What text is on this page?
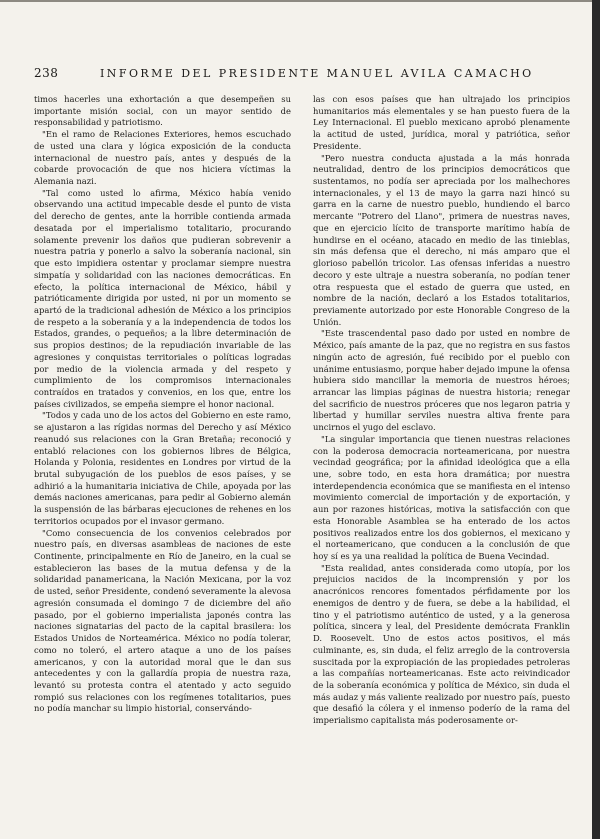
238	INFORME DEL PRESIDENTE MANUEL AVILA CAMACHO

timos hacerles una exhortación a que desempeñen su importante misión social, con un mayor sentido de responsabilidad y patriotismo.

"En el ramo de Relaciones Exteriores, hemos escuchado de usted una clara y lógica exposición de la conducta internacional de nuestro país, antes y después de la cobarde provocación de que nos hiciera víctimas la Alemania nazi.

"Tal como usted lo afirma, México había venido observando una actitud impecable desde el punto de vista del derecho de gentes, ante la horrible contienda armada desatada por el imperialismo totalitario, procurando solamente prevenir los daños que pudieran sobrevenir a nuestra patria y ponerlo a salvo la soberanía nacional, sin que esto impidiera ostentar y proclamar siempre nuestra simpatía y solidaridad con las naciones democráticas. En efecto, la política internacional de México, hábil y patrióticamente dirigida por usted, ni por un momento se apartó de la tradicional adhesión de México a los principios de respeto a la soberanía y a la independencia de todos los Estados, grandes, o pequeños; a la libre determinación de sus propios destinos; de la repudiación invariable de las agresiones y conquistas territoriales o políticas logradas por medio de la violencia armada y del respeto y cumplimiento de los compromisos internacionales contraídos en tratados y convenios, en los que, entre los países civilizados, se empeña siempre el honor nacional.

"Todos y cada uno de los actos del Gobierno en este ramo, se ajustaron a las rígidas normas del Derecho y así México reanudó sus relaciones con la Gran Bretaña; reconoció y entabló relaciones con los gobiernos libres de Bélgica, Holanda y Polonia, residentes en Londres por virtud de la brutal subyugación de los pueblos de esos países, y se adhirió a la humanitaria iniciativa de Chile, apoyada por las demás naciones americanas, para pedir al Gobierno alemán la suspensión de las bárbaras ejecuciones de rehenes en los territorios ocupados por el invasor germano.

"Como consecuencia de los convenios celebrados por nuestro país, en diversas asambleas de naciones de este Continente, principalmente en Río de Janeiro, en la cual se establecieron las bases de la mutua defensa y de la solidaridad panamericana, la Nación Mexicana, por la voz de usted, señor Presidente, condenó severamente la alevosa agresión consumada el domingo 7 de diciembre del año pasado, por el gobierno imperialista japonés contra las naciones signatarias del pacto de la capital brasilera: los Estados Unidos de Norteamérica. México no podía tolerar, como no toleró, el artero ataque a uno de los países americanos, y con la autoridad moral que le dan sus antecedentes y con la gallardía propia de nuestra raza, levantó su protesta contra el atentado y acto seguido rompió sus relaciones con los regímenes totalitarios, pues no podía manchar su limpio historial, conservándo-

las con esos países que han ultrajado los principios humanitarios más elementales y se han puesto fuera de la Ley Internacional. El pueblo mexicano aprobó plenamente la actitud de usted, jurídica, moral y patriótica, señor Presidente.

"Pero nuestra conducta ajustada a la más honrada neutralidad, dentro de los principios democráticos que sustentamos, no podía ser apreciada por los malhechores internacionales, y el 13 de mayo la garra nazi hincó su garra en la carne de nuestro pueblo, hundiendo el barco mercante "Potrero del Llano", primera de nuestras naves, que en ejercicio lícito de transporte marítimo había de hundirse en el océano, atacado en medio de las tinieblas, sin más defensa que el derecho, ni más amparo que el glorioso pabellón tricolor. Las ofensas inferidas a nuestro decoro y este ultraje a nuestra soberanía, no podían tener otra respuesta que el estado de guerra que usted, en nombre de la nación, declaró a los Estados totalitarios, previamente autorizado por este Honorable Congreso de la Unión.

"Este trascendental paso dado por usted en nombre de México, país amante de la paz, que no registra en sus fastos ningún acto de agresión, fué recibido por el pueblo con unánime entusiasmo, porque haber dejado impune la ofensa hubiera sido mancillar la memoria de nuestros héroes; arrancar las limpias páginas de nuestra historia; renegar del sacrificio de nuestros próceres que nos legaron patria y libertad y humillar serviles nuestra altiva frente para uncirnos el yugo del esclavo.

"La singular importancia que tienen nuestras relaciones con la poderosa democracia norteamericana, por nuestra vecindad geográfica; por la afinidad ideológica que a ella une, sobre todo, en esta hora dramática; por nuestra interdependencia económica que se manifiesta en el intenso movimiento comercial de importación y de exportación, y aun por razones históricas, motiva la satisfacción con que esta Honorable Asamblea se ha enterado de los actos positivos realizados entre los dos gobiernos, el mexicano y el norteamericano, que conducen a la conclusión de que hoy sí es ya una realidad la política de Buena Vecindad.

"Esta realidad, antes considerada como utopía, por los prejuicios nacidos de la incomprensión y por los anacrónicos rencores fomentados pérfidamente por los enemigos de dentro y de fuera, se debe a la habilidad, el tino y el patriotismo auténtico de usted, y a la generosa política, sincera y leal, del Presidente demócrata Franklin D. Roosevelt. Uno de estos actos positivos, el más culminante, es, sin duda, el feliz arreglo de la controversia suscitada por la expropiación de las propiedades petroleras a las compañías norteamericanas. Este acto reivindicador de la soberanía económica y política de México, sin duda el más audaz y más valiente realizado por nuestro país, puesto que desafió la cólera y el inmenso poderío de la rama del imperialismo capitalista más poderosamente or-
